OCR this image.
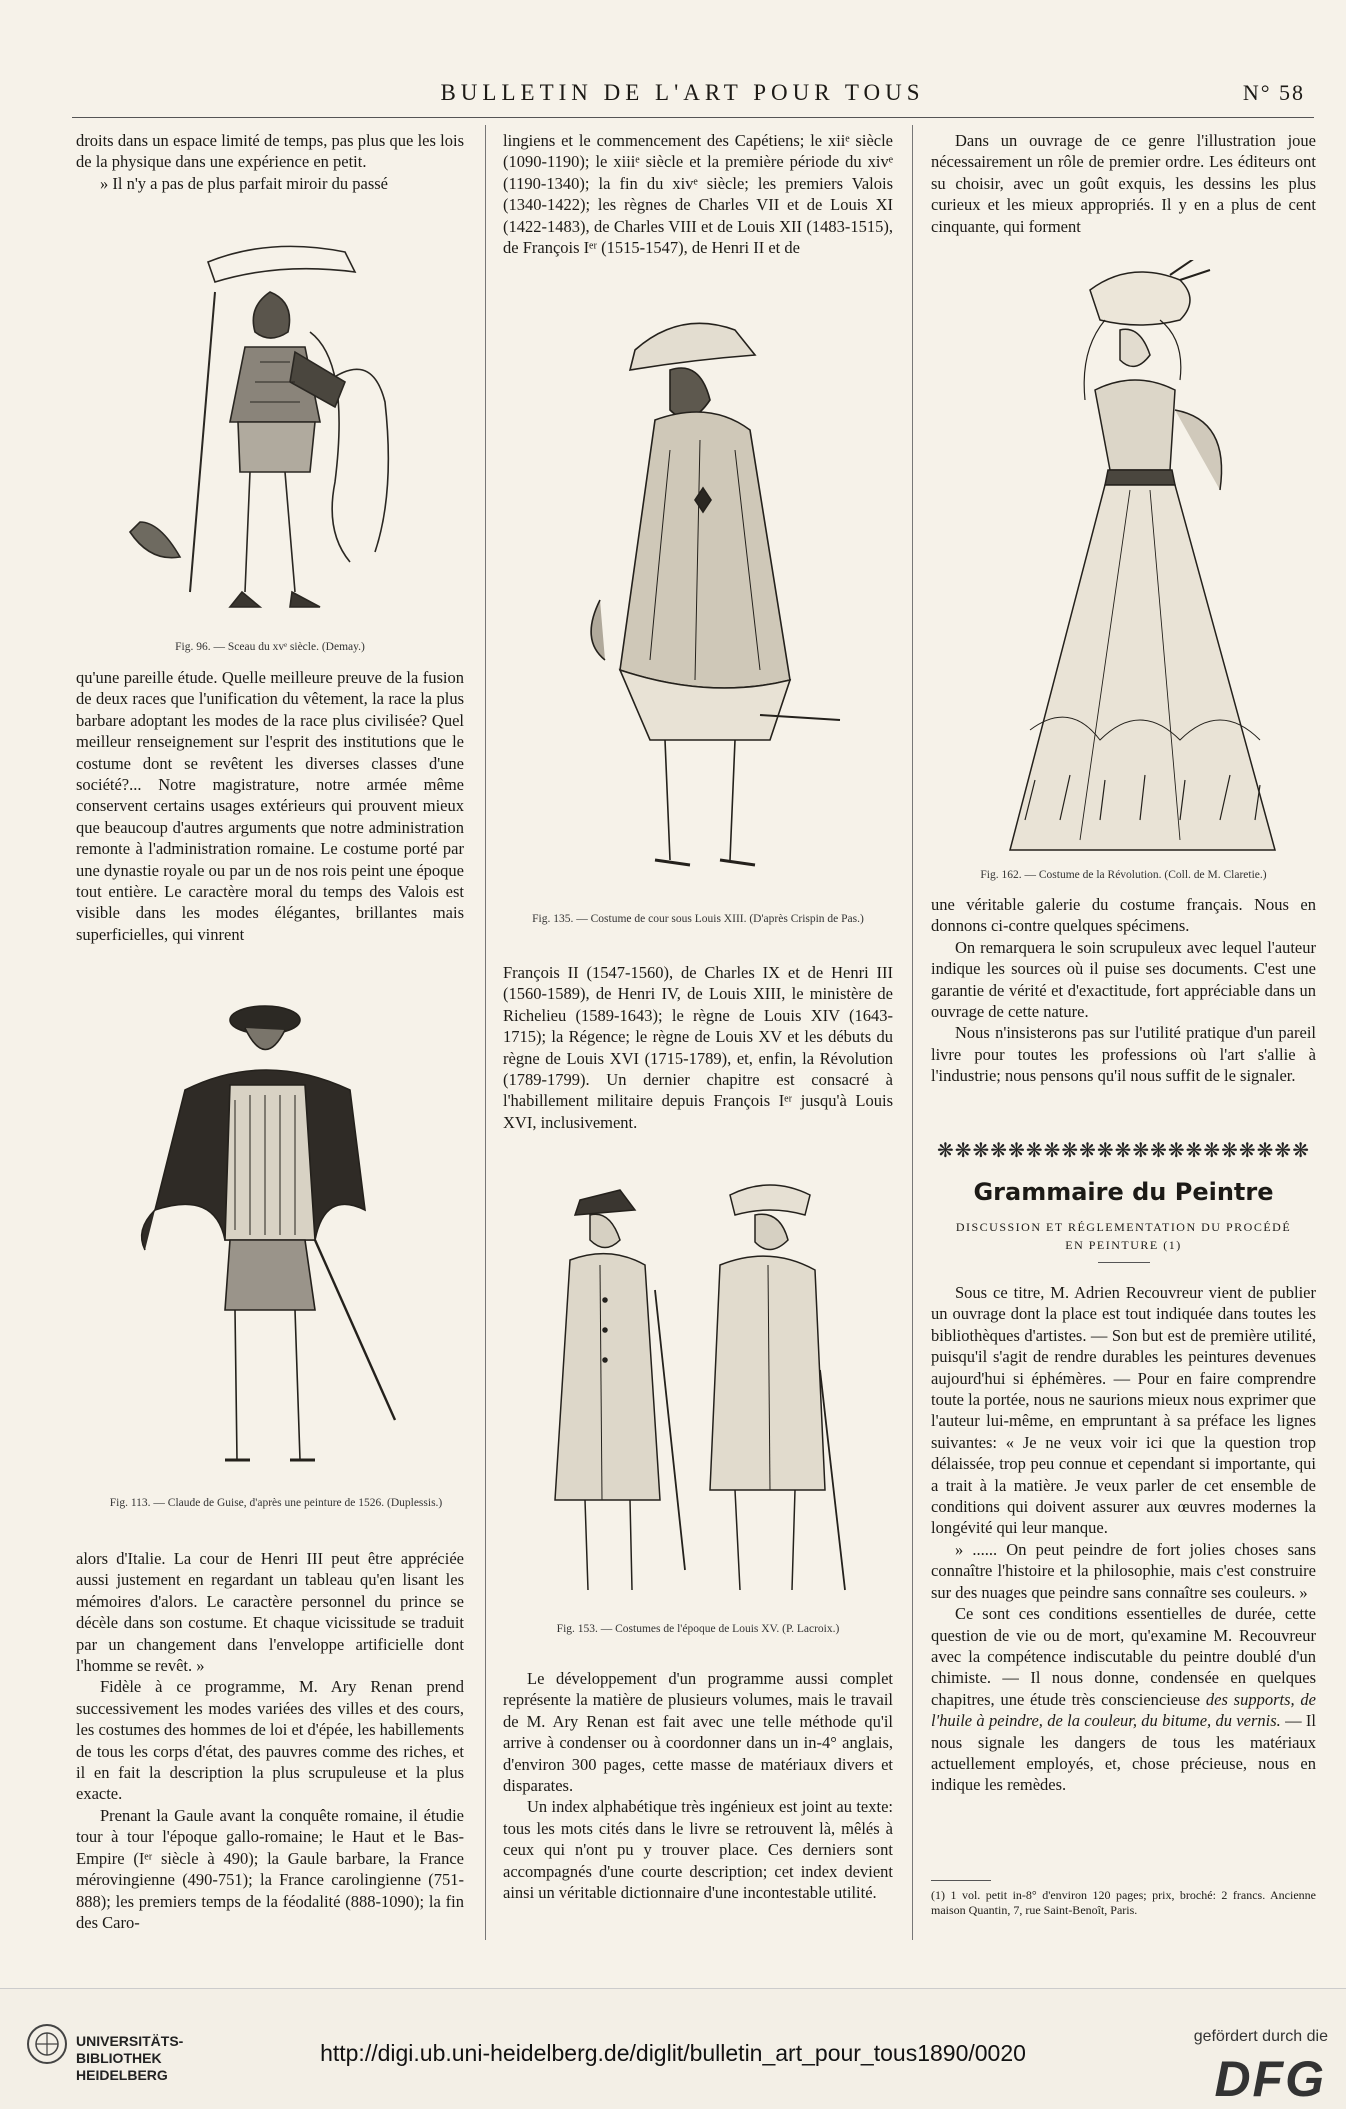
BULLETIN DE L'ART POUR TOUS	N° 58

droits dans un espace limité de temps, pas plus que les lois de la physique dans une expérience en petit.

» Il n'y a pas de plus parfait miroir du passé

Fig. 96. — Sceau du xvᵉ siècle. (Demay.)

qu'une pareille étude. Quelle meilleure preuve de la fusion de deux races que l'unification du vêtement, la race la plus barbare adoptant les modes de la race plus civilisée? Quel meilleur renseignement sur l'esprit des institutions que le costume dont se revêtent les diverses classes d'une société?... Notre magistrature, notre armée même conservent certains usages extérieurs qui prouvent mieux que beaucoup d'autres arguments que notre administration remonte à l'administration romaine. Le costume porté par une dynastie royale ou par un de nos rois peint une époque tout entière. Le caractère moral du temps des Valois est visible dans les modes élégantes, brillantes mais superficielles, qui vinrent

Fig. 113. — Claude de Guise, d'après une peinture de 1526. (Duplessis.)

alors d'Italie. La cour de Henri III peut être appréciée aussi justement en regardant un tableau qu'en lisant les mémoires d'alors. Le caractère personnel du prince se décèle dans son costume. Et chaque vicissitude se traduit par un changement dans l'enveloppe artificielle dont l'homme se revêt. »

Fidèle à ce programme, M. Ary Renan prend successivement les modes variées des villes et des cours, les costumes des hommes de loi et d'épée, les habillements de tous les corps d'état, des pauvres comme des riches, et il en fait la description la plus scrupuleuse et la plus exacte.

Prenant la Gaule avant la conquête romaine, il étudie tour à tour l'époque gallo-romaine; le Haut et le Bas-Empire (Iᵉʳ siècle à 490); la Gaule barbare, la France mérovingienne (490-751); la France carolingienne (751-888); les premiers temps de la féodalité (888-1090); la fin des Caro-

lingiens et le commencement des Capétiens; le xiiᵉ siècle (1090-1190); le xiiiᵉ siècle et la première période du xivᵉ (1190-1340); la fin du xivᵉ siècle; les premiers Valois (1340-1422); les règnes de Charles VII et de Louis XI (1422-1483), de Charles VIII et de Louis XII (1483-1515), de François Iᵉʳ (1515-1547), de Henri II et de

Fig. 135. — Costume de cour sous Louis XIII. (D'après Crispin de Pas.)

François II (1547-1560), de Charles IX et de Henri III (1560-1589), de Henri IV, de Louis XIII, le ministère de Richelieu (1589-1643); le règne de Louis XIV (1643-1715); la Régence; le règne de Louis XV et les débuts du règne de Louis XVI (1715-1789), et, enfin, la Révolution (1789-1799). Un dernier chapitre est consacré à l'habillement militaire depuis François Iᵉʳ jusqu'à Louis XVI, inclusivement.

Fig. 153. — Costumes de l'époque de Louis XV. (P. Lacroix.)

Le développement d'un programme aussi complet représente la matière de plusieurs volumes, mais le travail de M. Ary Renan est fait avec une telle méthode qu'il arrive à condenser ou à coordonner dans un in-4° anglais, d'environ 300 pages, cette masse de matériaux divers et disparates.

Un index alphabétique très ingénieux est joint au texte: tous les mots cités dans le livre se retrouvent là, mêlés à ceux qui n'ont pu y trouver place. Ces derniers sont accompagnés d'une courte description; cet index devient ainsi un véritable dictionnaire d'une incontestable utilité.

Dans un ouvrage de ce genre l'illustration joue nécessairement un rôle de premier ordre. Les éditeurs ont su choisir, avec un goût exquis, les dessins les plus curieux et les mieux appropriés. Il y en a plus de cent cinquante, qui forment

Fig. 162. — Costume de la Révolution. (Coll. de M. Claretie.)

une véritable galerie du costume français. Nous en donnons ci-contre quelques spécimens.

On remarquera le soin scrupuleux avec lequel l'auteur indique les sources où il puise ses documents. C'est une garantie de vérité et d'exactitude, fort appréciable dans un ouvrage de cette nature.

Nous n'insisterons pas sur l'utilité pratique d'un pareil livre pour toutes les professions où l'art s'allie à l'industrie; nous pensons qu'il nous suffit de le signaler.

❋❋❋❋❋❋❋❋❋❋❋❋❋❋❋❋❋❋❋❋❋
Grammaire du Peintre
DISCUSSION ET RÉGLEMENTATION DU PROCÉDÉ
EN PEINTURE (1)

Sous ce titre, M. Adrien Recouvreur vient de publier un ouvrage dont la place est tout indiquée dans toutes les bibliothèques d'artistes. — Son but est de première utilité, puisqu'il s'agit de rendre durables les peintures devenues aujourd'hui si éphémères. — Pour en faire comprendre toute la portée, nous ne saurions mieux nous exprimer que l'auteur lui-même, en empruntant à sa préface les lignes suivantes: « Je ne veux voir ici que la question trop délaissée, trop peu connue et cependant si importante, qui a trait à la matière. Je veux parler de cet ensemble de conditions qui doivent assurer aux œuvres modernes la longévité qui leur manque.

» ...... On peut peindre de fort jolies choses sans connaître l'histoire et la philosophie, mais c'est construire sur des nuages que peindre sans connaître ses couleurs. »

Ce sont ces conditions essentielles de durée, cette question de vie ou de mort, qu'examine M. Recouvreur avec la compétence indiscutable du peintre doublé d'un chimiste. — Il nous donne, condensée en quelques chapitres, une étude très consciencieuse des supports, de l'huile à peindre, de la couleur, du bitume, du vernis. — Il nous signale les dangers de tous les matériaux actuellement employés, et, chose précieuse, nous en indique les remèdes.

(1) 1 vol. petit in-8° d'environ 120 pages; prix, broché: 2 francs. Ancienne maison Quantin, 7, rue Saint-Benoît, Paris.
UNIVERSITÄTS-
BIBLIOTHEK
HEIDELBERG
http://digi.ub.uni-heidelberg.de/diglit/bulletin_art_pour_tous1890/0020
gefördert durch die
DFG
